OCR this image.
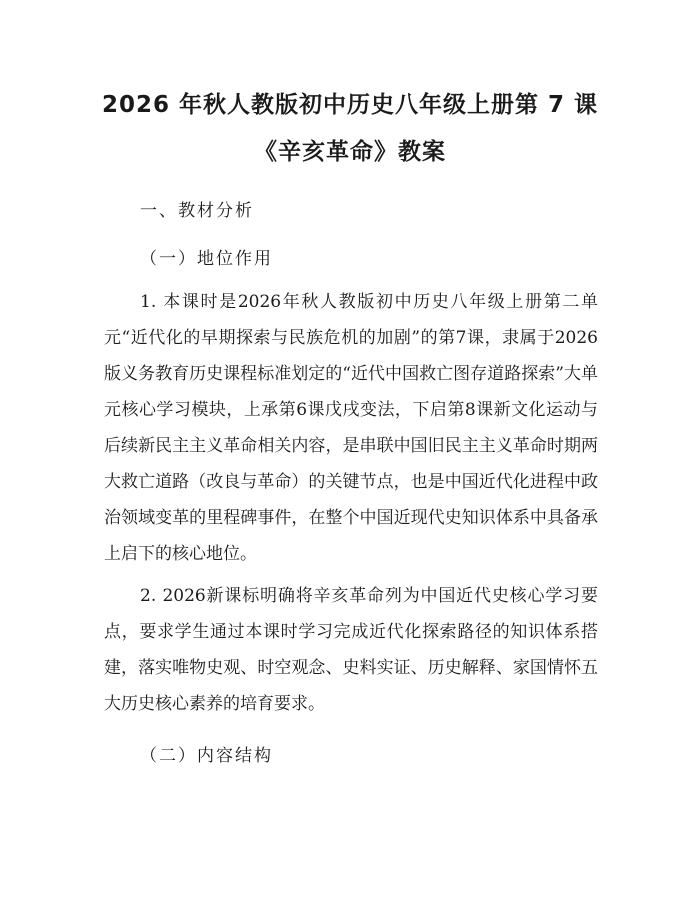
2026 年秋人教版初中历史八年级上册第 7 课
《辛亥革命》教案
一、教材分析
（一）地位作用

1. 本课时是2026年秋人教版初中历史八年级上册第二单元“近代化的早期探索与民族危机的加剧”的第7课，隶属于2026版义务教育历史课程标准划定的“近代中国救亡图存道路探索”大单元核心学习模块，上承第6课戊戌变法，下启第8课新文化运动与后续新民主主义革命相关内容，是串联中国旧民主主义革命时期两大救亡道路（改良与革命）的关键节点，也是中国近代化进程中政治领域变革的里程碑事件，在整个中国近现代史知识体系中具备承上启下的核心地位。

2. 2026新课标明确将辛亥革命列为中国近代史核心学习要点，要求学生通过本课时学习完成近代化探索路径的知识体系搭建，落实唯物史观、时空观念、史料实证、历史解释、家国情怀五大历史核心素养的培育要求。

（二）内容结构
